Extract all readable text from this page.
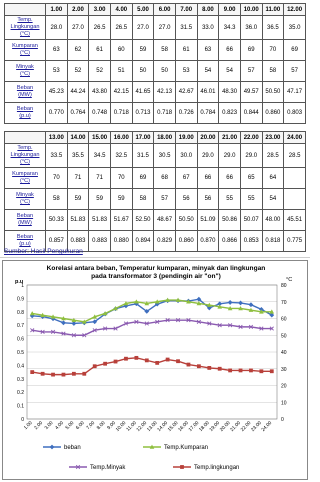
	1.00	2.00	3.00	4.00	5.00	6.00	7.00	8.00	9.00	10.00	11.00	12.00
Temp.
Lingkungan
(°C)	28.0	27.0	26.5	26.5	27.0	27.0	31.5	33.0	34.3	36.0	36.5	35.0
Kumparan
(°C)	63	62	61	60	59	58	61	63	66	69	70	69
Minyak
(°C)	53	52	52	51	50	50	53	54	54	57	58	57
Beban
(MW)	45.23	44.24	43.80	42.15	41.65	42.13	42.67	46.01	48.30	49.57	50.50	47.17
Beban
(p.u)	0.770	0.764	0.748	0.718	0.713	0.718	0.726	0.784	0.823	0.844	0.860	0.803
	13.00	14.00	15.00	16.00	17.00	18.00	19.00	20.00	21.00	22.00	23.00	24.00
Temp.
Lingkungan
(°C)	33.5	35.5	34.5	32.5	31.5	30.5	30.0	29.0	29.0	29.0	28.5	28.5
Kumparan
(°C)	70	71	71	70	69	68	67	66	66	65	64	
Minyak
(°C)	58	59	59	59	58	57	56	56	55	55	54	
Beban
(MW)	50.33	51.83	51.83	51.67	52.50	48.67	50.50	51.09	50.86	50.07	48.00	45.51
Beban
(p.u)	0.857	0.883	0.883	0.880	0.894	0.829	0.860	0.870	0.866	0.853	0.818	0.775
Sumber: Hasil Pengukuran
Korelasi antara beban, Temperatur kumparan, minyak dan lingkungan
pada transformator 3 (pendingin air "on")
p.u	°C
0
0.1
0.2
0.3
0.4
0.5
0.6
0.7
0.8
0.9
1
0
10
20
30
40
50
60
70
80
1.00 2.00 3.00 4.00 5.00 6.00 7.00 8.00 9.00
10.00
11.00
12.00
13.00
14.00
15.00
16.00
17.00
18.00
19.00
20.00
21.00
22.00
23.00
24.00
beban	Temp.Kumparan
Temp.Minyak	Temp.lingkungan
